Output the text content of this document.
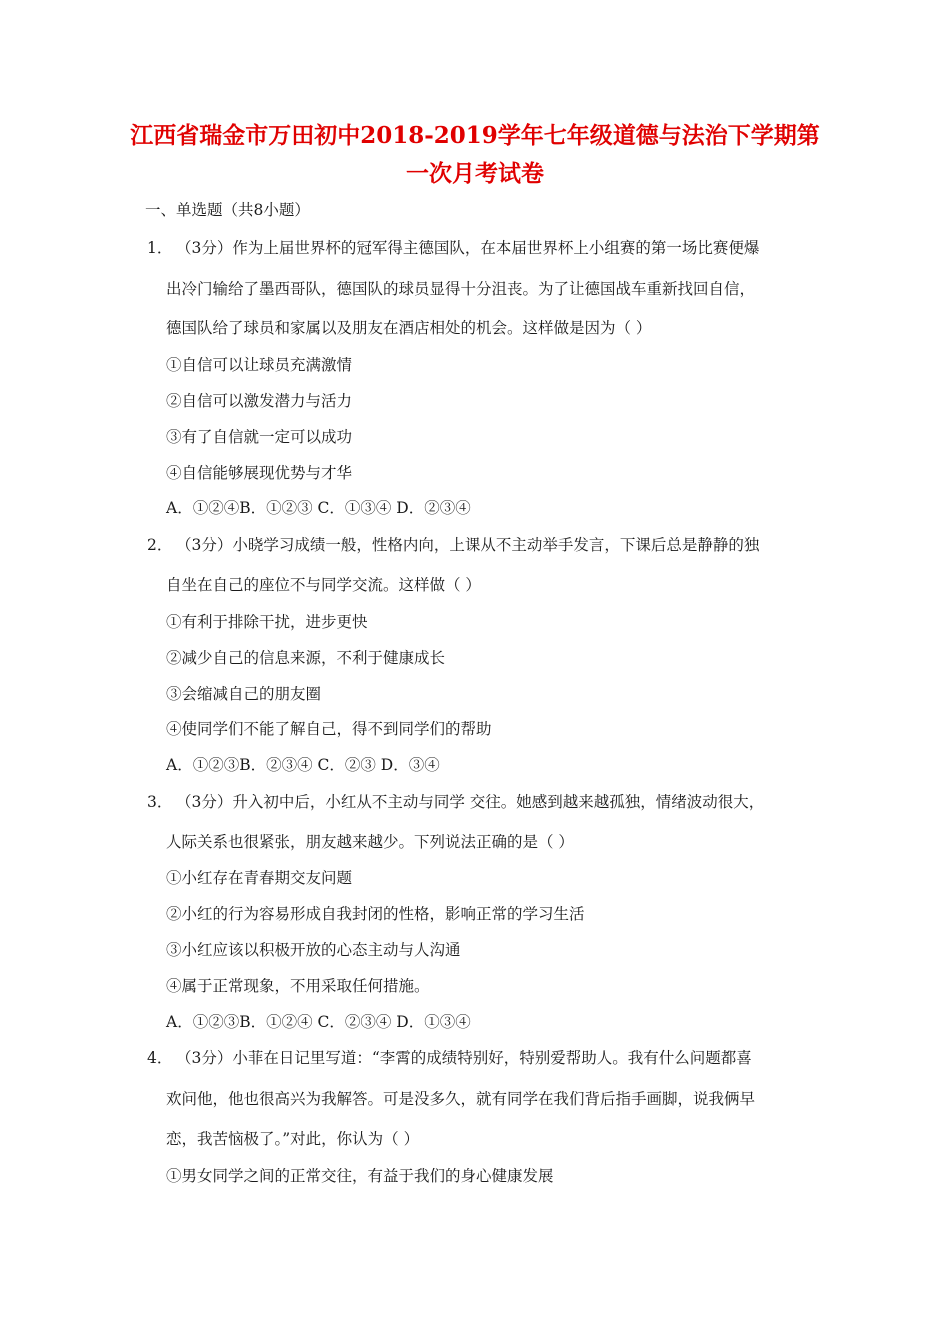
江西省瑞金市万田初中2018-2019学年七年级道德与法治下学期第
一次月考试卷
一、单选题（共8小题）
1． （3分）作为上届世界杯的冠军得主德国队，在本届世界杯上小组赛的第一场比赛便爆
出冷门输给了墨西哥队，德国队的球员显得十分沮丧。为了让德国战车重新找回自信，
德国队给了球员和家属以及朋友在酒店相处的机会。这样做是因为（ ）
①自信可以让球员充满激情
②自信可以激发潜力与活力
③有了自信就一定可以成功
④自信能够展现优势与才华
A．①②④B．①②③ C．①③④ D．②③④
2． （3分）小晓学习成绩一般，性格内向，上课从不主动举手发言，下课后总是静静的独
自坐在自己的座位不与同学交流。这样做（ ）
①有利于排除干扰，进步更快
②减少自己的信息来源，不利于健康成长
③会缩减自己的朋友圈
④使同学们不能了解自己，得不到同学们的帮助
A．①②③B．②③④ C．②③ D．③④
3． （3分）升入初中后，小红从不主动与同学 交往。她感到越来越孤独，情绪波动很大，
人际关系也很紧张，朋友越来越少。下列说法正确的是（ ）
①小红存在青春期交友问题
②小红的行为容易形成自我封闭的性格，影响正常的学习生活
③小红应该以积极开放的心态主动与人沟通
④属于正常现象，不用采取任何措施。
A．①②③B．①②④ C．②③④ D．①③④
4． （3分）小菲在日记里写道：“李霄的成绩特别好，特别爱帮助人。我有什么问题都喜
欢问他，他也很高兴为我解答。可是没多久，就有同学在我们背后指手画脚，说我俩早
恋，我苦恼极了。”对此，你认为（ ）
①男女同学之间的正常交往，有益于我们的身心健康发展
